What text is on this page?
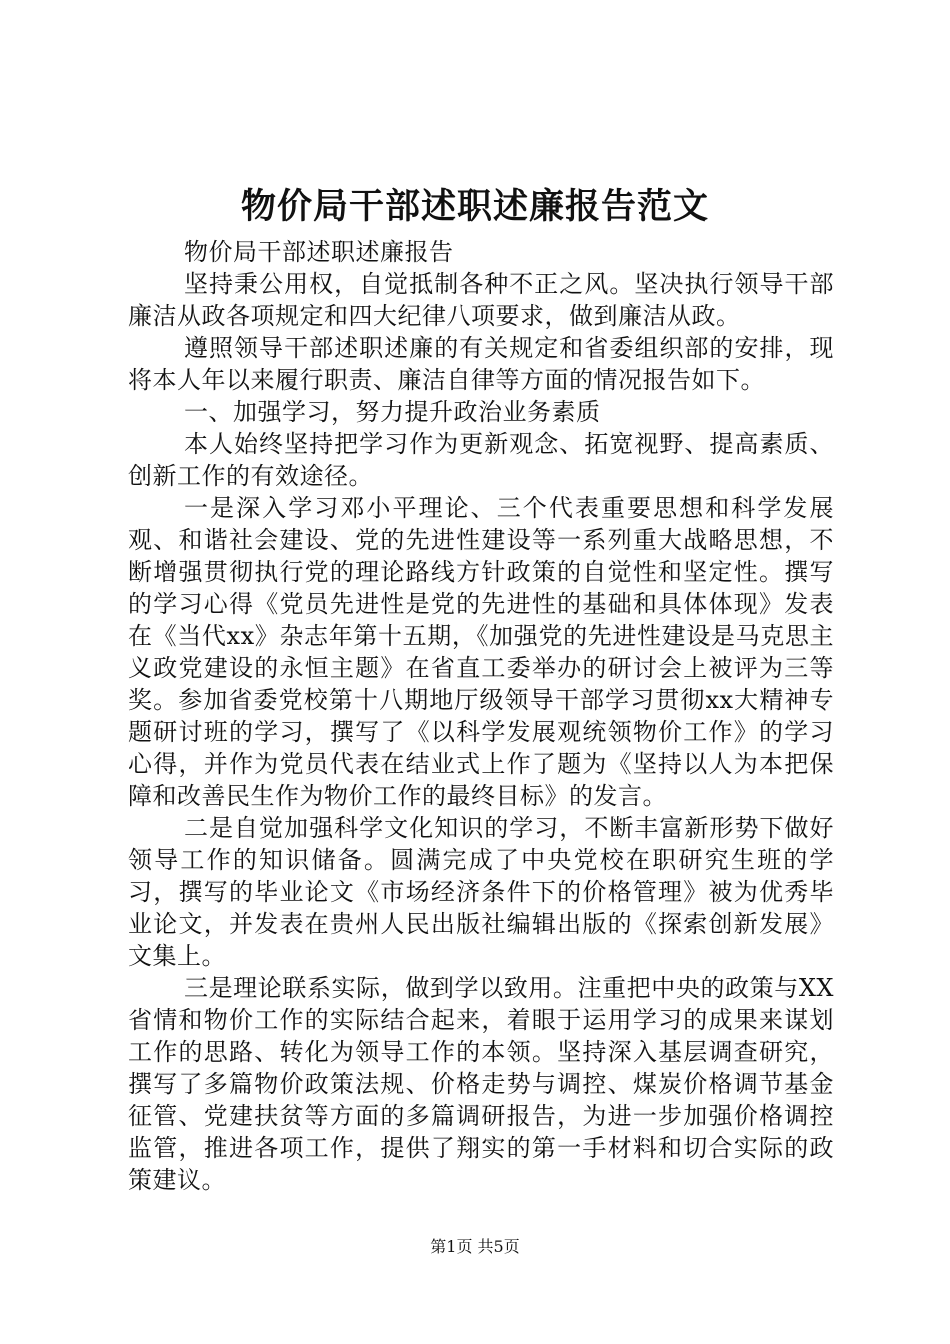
物价局干部述职述廉报告范文

物价局干部述职述廉报告

坚持秉公用权，自觉抵制各种不正之风。坚决执行领导干部廉洁从政各项规定和四大纪律八项要求，做到廉洁从政。

遵照领导干部述职述廉的有关规定和省委组织部的安排，现将本人年以来履行职责、廉洁自律等方面的情况报告如下。

一、加强学习，努力提升政治业务素质

本人始终坚持把学习作为更新观念、拓宽视野、提高素质、创新工作的有效途径。

一是深入学习邓小平理论、三个代表重要思想和科学发展观、和谐社会建设、党的先进性建设等一系列重大战略思想，不断增强贯彻执行党的理论路线方针政策的自觉性和坚定性。撰写的学习心得《党员先进性是党的先进性的基础和具体体现》发表在《当代xx》杂志年第十五期，《加强党的先进性建设是马克思主义政党建设的永恒主题》在省直工委举办的研讨会上被评为三等奖。参加省委党校第十八期地厅级领导干部学习贯彻xx大精神专题研讨班的学习，撰写了《以科学发展观统领物价工作》的学习心得，并作为党员代表在结业式上作了题为《坚持以人为本把保障和改善民生作为物价工作的最终目标》的发言。

二是自觉加强科学文化知识的学习，不断丰富新形势下做好领导工作的知识储备。圆满完成了中央党校在职研究生班的学习，撰写的毕业论文《市场经济条件下的价格管理》被为优秀毕业论文，并发表在贵州人民出版社编辑出版的《探索创新发展》文集上。

三是理论联系实际，做到学以致用。注重把中央的政策与XX省情和物价工作的实际结合起来，着眼于运用学习的成果来谋划工作的思路、转化为领导工作的本领。坚持深入基层调查研究，撰写了多篇物价政策法规、价格走势与调控、煤炭价格调节基金征管、党建扶贫等方面的多篇调研报告，为进一步加强价格调控监管，推进各项工作，提供了翔实的第一手材料和切合实际的政策建议。

第1页 共5页
